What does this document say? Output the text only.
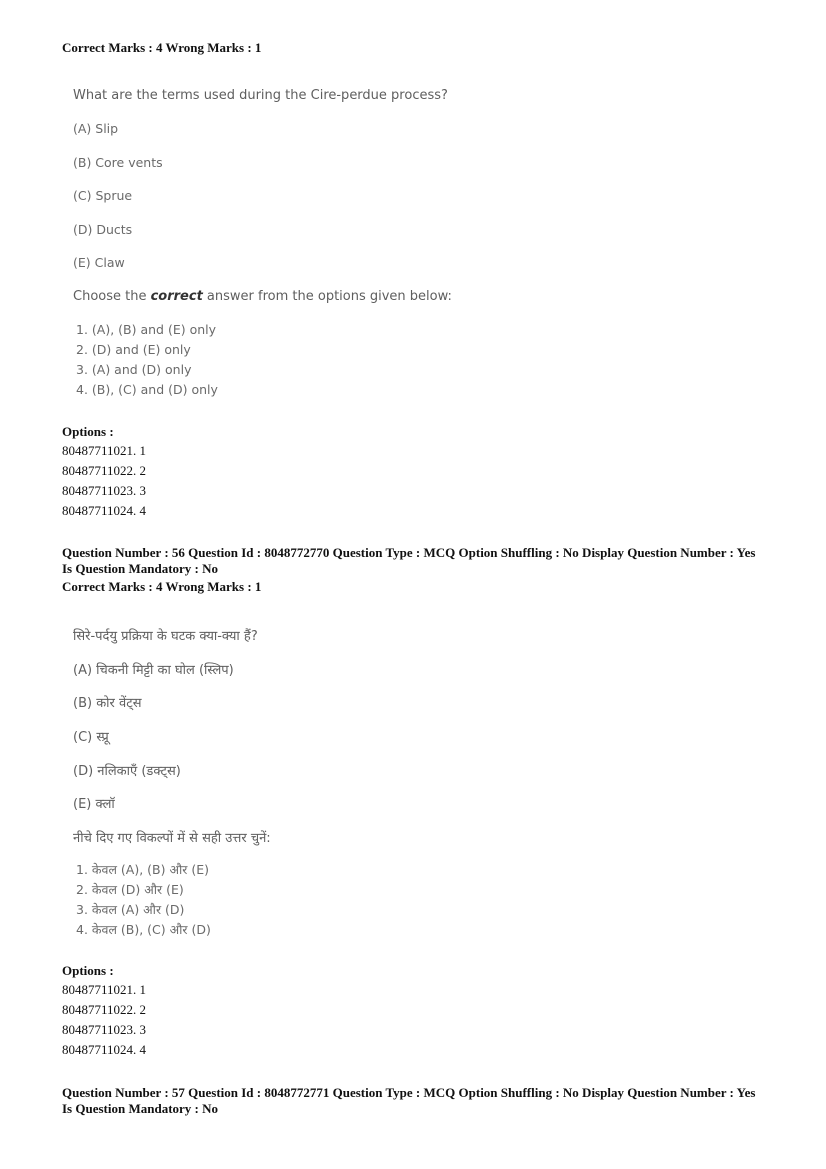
Correct Marks : 4 Wrong Marks : 1
What are the terms used during the Cire-perdue process?
(A) Slip
(B) Core vents
(C) Sprue
(D) Ducts
(E) Claw
Choose the correct answer from the options given below:
1. (A), (B) and (E) only
2. (D) and (E) only
3. (A) and (D) only
4. (B), (C) and (D) only
Options :
80487711021. 1
80487711022. 2
80487711023. 3
80487711024. 4
Question Number : 56 Question Id : 8048772770 Question Type : MCQ Option Shuffling : No Display Question Number : Yes
Is Question Mandatory : No
Correct Marks : 4 Wrong Marks : 1
सिरे-पर्दयु प्रक्रिया के घटक क्या-क्या हैं?
(A) चिकनी मिट्टी का घोल (स्लिप)
(B) कोर वेंट्स
(C) स्प्रू
(D) नलिकाएँ (डक्ट्स)
(E) क्लॉ
नीचे दिए गए विकल्पों में से सही उत्तर चुनें:
1. केवल (A), (B) और (E)
2. केवल (D) और (E)
3. केवल (A) और (D)
4. केवल (B), (C) और (D)
Options :
80487711021. 1
80487711022. 2
80487711023. 3
80487711024. 4
Question Number : 57 Question Id : 8048772771 Question Type : MCQ Option Shuffling : No Display Question Number : Yes
Is Question Mandatory : No
